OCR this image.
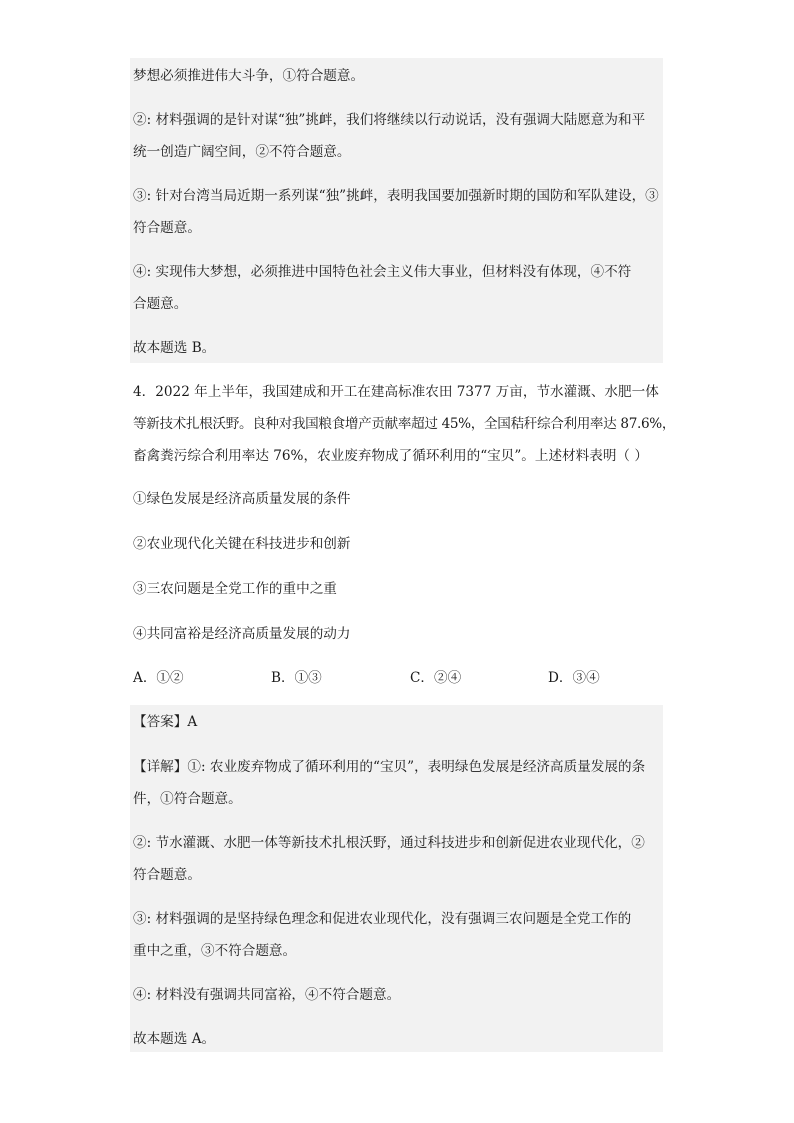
梦想必须推进伟大斗争，①符合题意。
②: 材料强调的是针对谋“独”挑衅，我们将继续以行动说话，没有强调大陆愿意为和平
统一创造广阔空间，②不符合题意。
③: 针对台湾当局近期一系列谋“独”挑衅，表明我国要加强新时期的国防和军队建设，③
符合题意。
④: 实现伟大梦想，必须推进中国特色社会主义伟大事业，但材料没有体现，④不符
合题意。
故本题选 B。
4．2022 年上半年，我国建成和开工在建高标准农田 7377 万亩，节水灌溉、水肥一体
等新技术扎根沃野。良种对我国粮食增产贡献率超过 45%，全国秸秆综合利用率达 87.6%，
畜禽粪污综合利用率达 76%，农业废弃物成了循环利用的“宝贝”。上述材料表明（ ）
①绿色发展是经济高质量发展的条件
②农业现代化关键在科技进步和创新
③三农问题是全党工作的重中之重
④共同富裕是经济高质量发展的动力
A．①②	B．①③	C．②④	D．③④
【答案】A
【详解】①: 农业废弃物成了循环利用的“宝贝”，表明绿色发展是经济高质量发展的条
件，①符合题意。
②: 节水灌溉、水肥一体等新技术扎根沃野，通过科技进步和创新促进农业现代化，②
符合题意。
③: 材料强调的是坚持绿色理念和促进农业现代化，没有强调三农问题是全党工作的
重中之重，③不符合题意。
④: 材料没有强调共同富裕，④不符合题意。
故本题选 A。
